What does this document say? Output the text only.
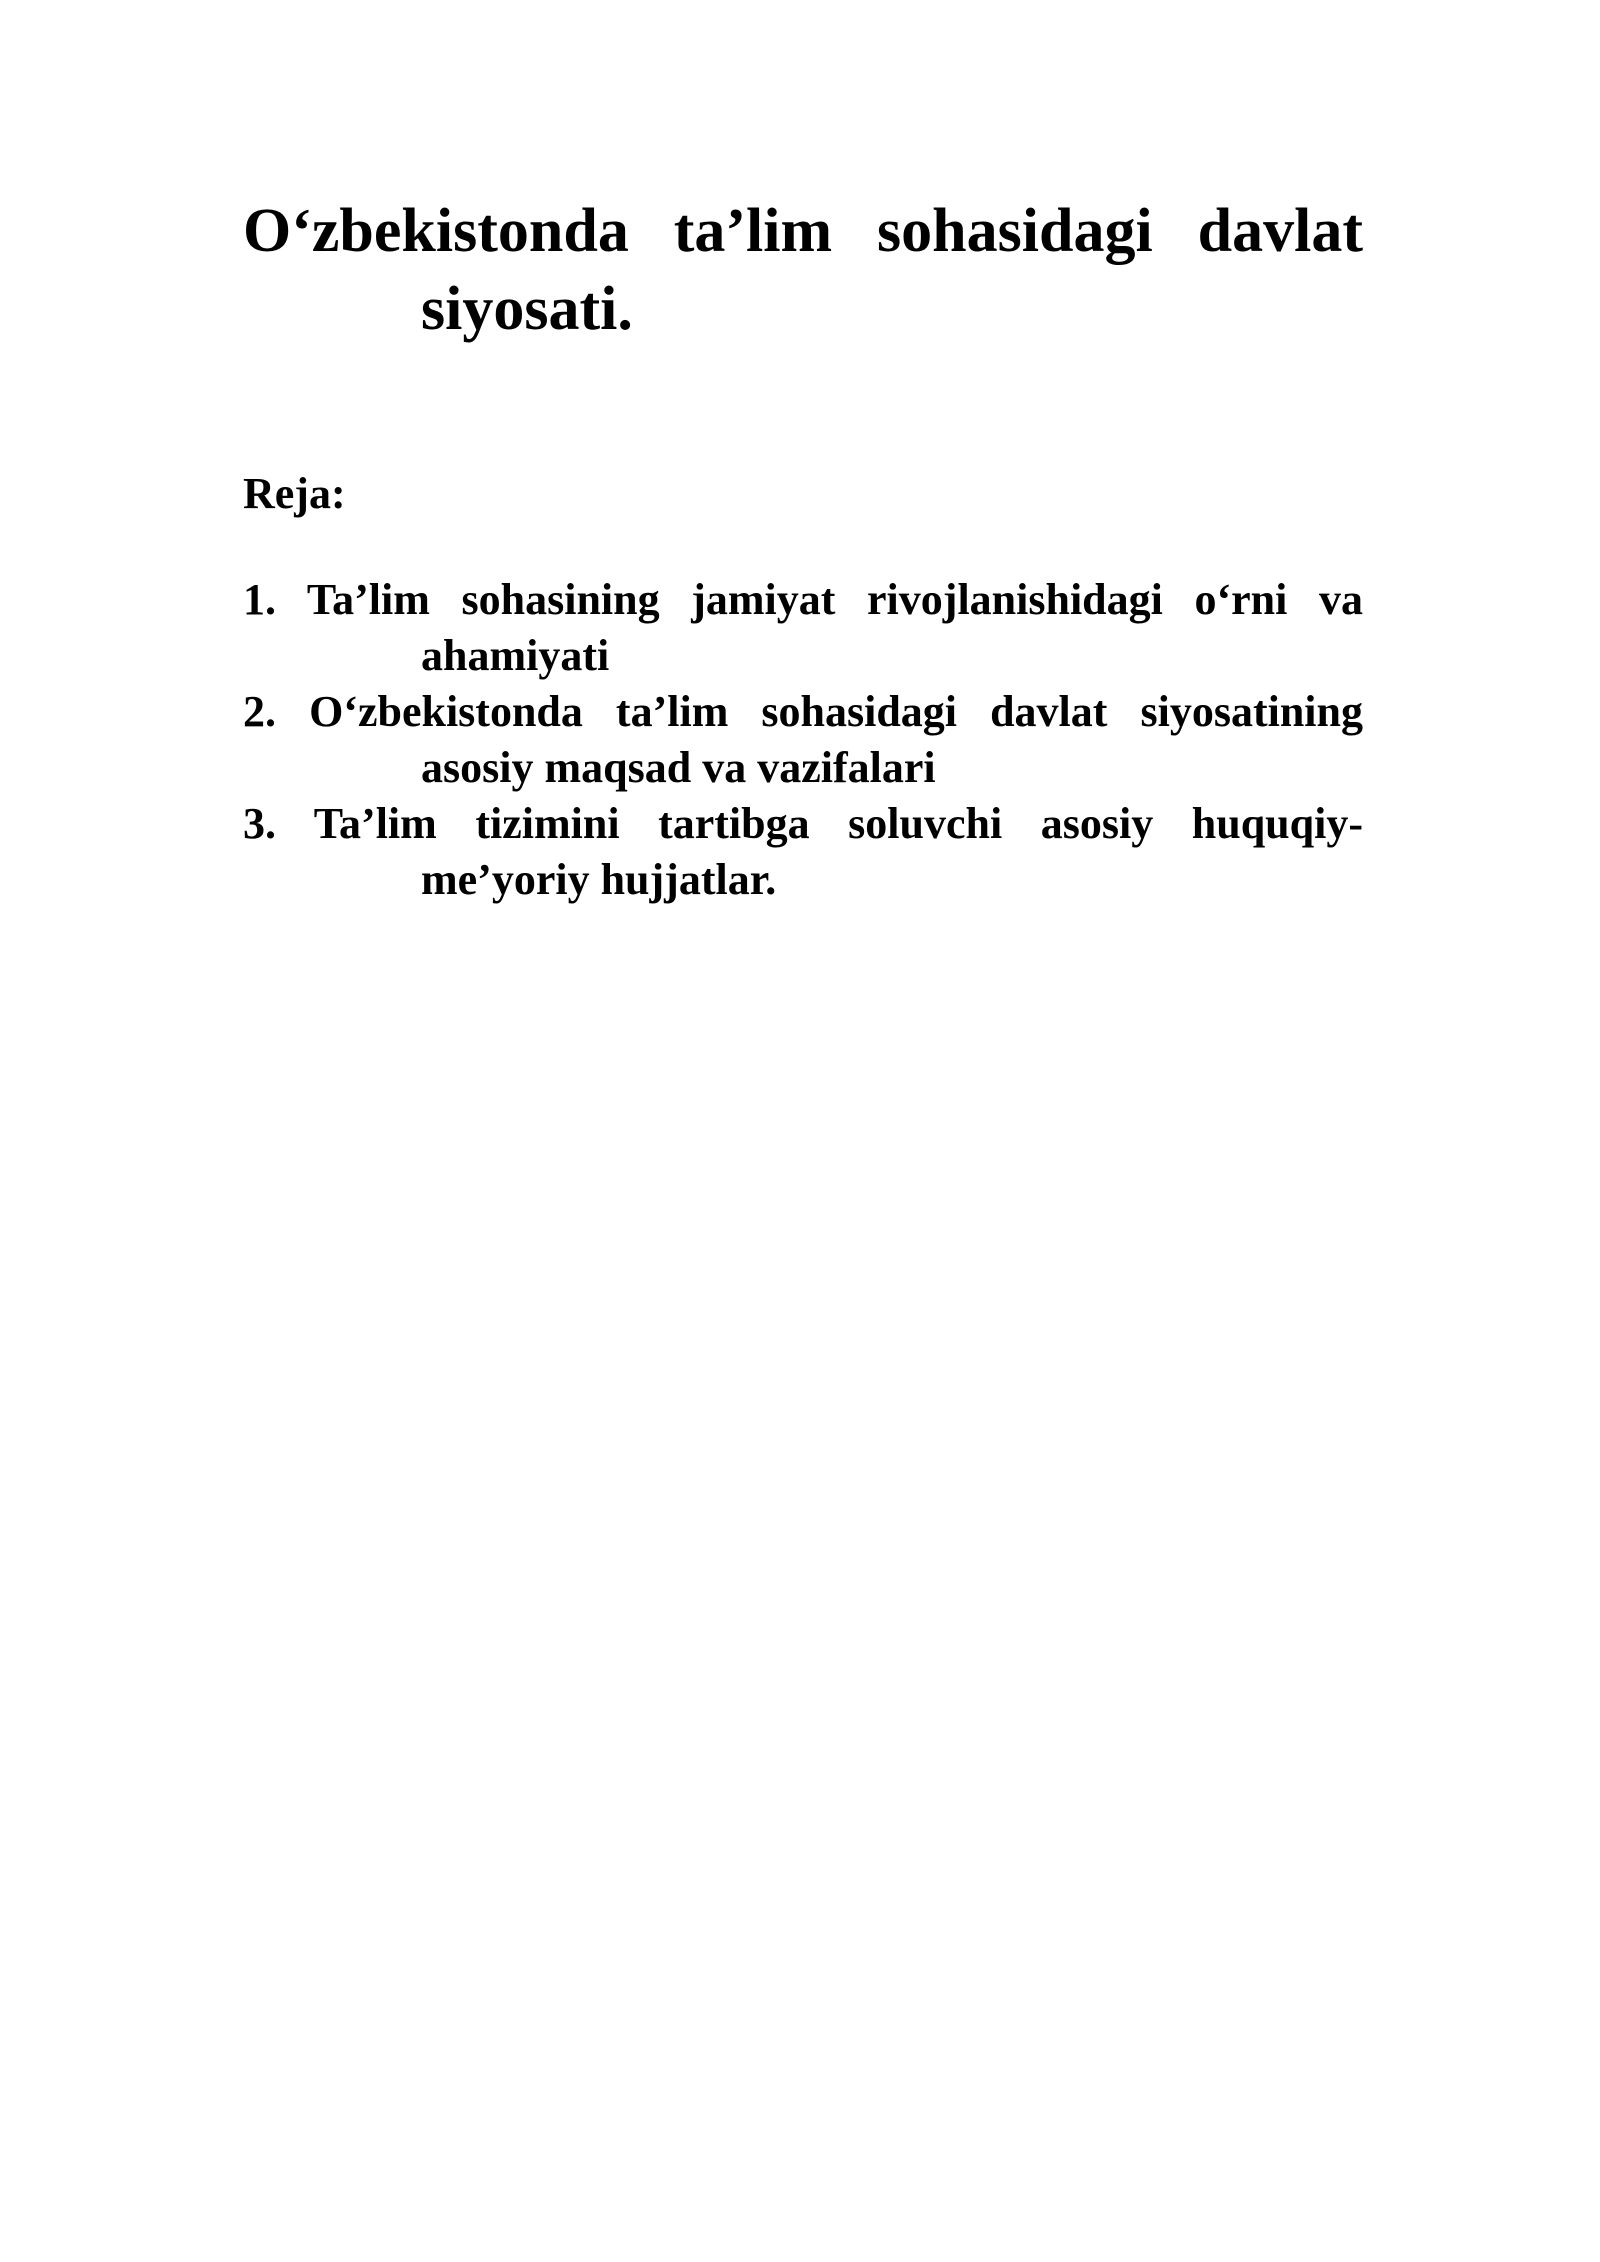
O‘zbekistonda ta’lim sohasidagi davlat siyosati.

Reja:

1. Ta’lim sohasining jamiyat rivojlanishidagi o‘rni va ahamiyati
2. O‘zbekistonda ta’lim sohasidagi davlat siyosatining asosiy maqsad va vazifalari
3. Ta’lim tizimini tartibga soluvchi asosiy huquqiy-me’yoriy hujjatlar.
